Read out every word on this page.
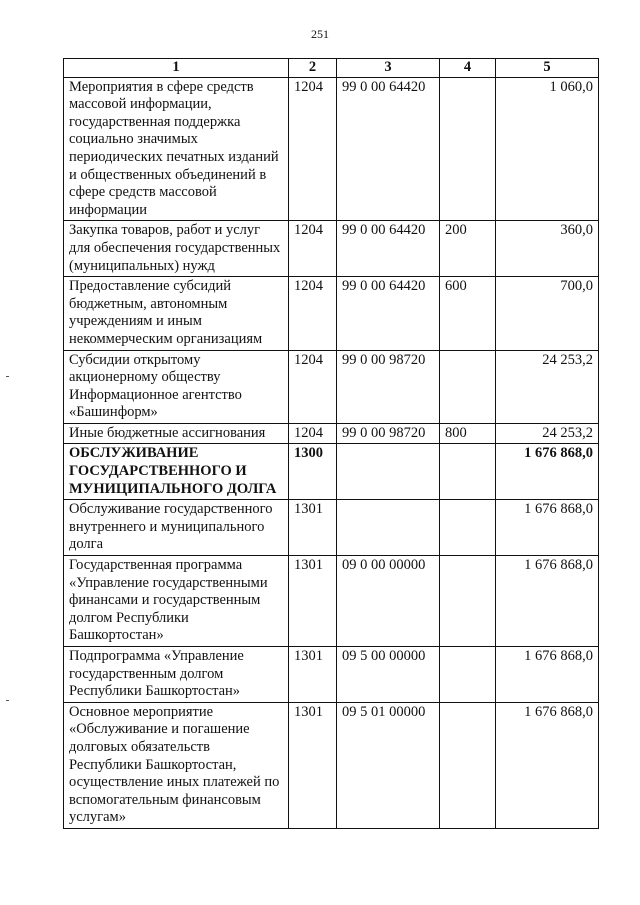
251
1	2	3	4	5
Мероприятия в сфере средств массовой информации, государственная поддержка социально значимых периодических печатных изданий и общественных объединений в сфере средств массовой информации	1204	99 0 00 64420		1 060,0
Закупка товаров, работ и услуг для обеспечения государственных (муниципальных) нужд	1204	99 0 00 64420	200	360,0
Предоставление субсидий бюджетным, автономным учреждениям и иным некоммерческим организациям	1204	99 0 00 64420	600	700,0
Субсидии открытому акционерному обществу Информационное агентство «Башинформ»	1204	99 0 00 98720		24 253,2
Иные бюджетные ассигнования	1204	99 0 00 98720	800	24 253,2
ОБСЛУЖИВАНИЕ ГОСУДАРСТВЕННОГО И МУНИЦИПАЛЬНОГО ДОЛГА	1300			1 676 868,0
Обслуживание государственного внутреннего и муниципального долга	1301			1 676 868,0
Государственная программа «Управление государственными финансами и государственным долгом Республики Башкортостан»	1301	09 0 00 00000		1 676 868,0
Подпрограмма «Управление государственным долгом Республики Башкортостан»	1301	09 5 00 00000		1 676 868,0
Основное мероприятие «Обслуживание и погашение долговых обязательств Республики Башкортостан, осуществление иных платежей по вспомогательным финансовым услугам»	1301	09 5 01 00000		1 676 868,0
